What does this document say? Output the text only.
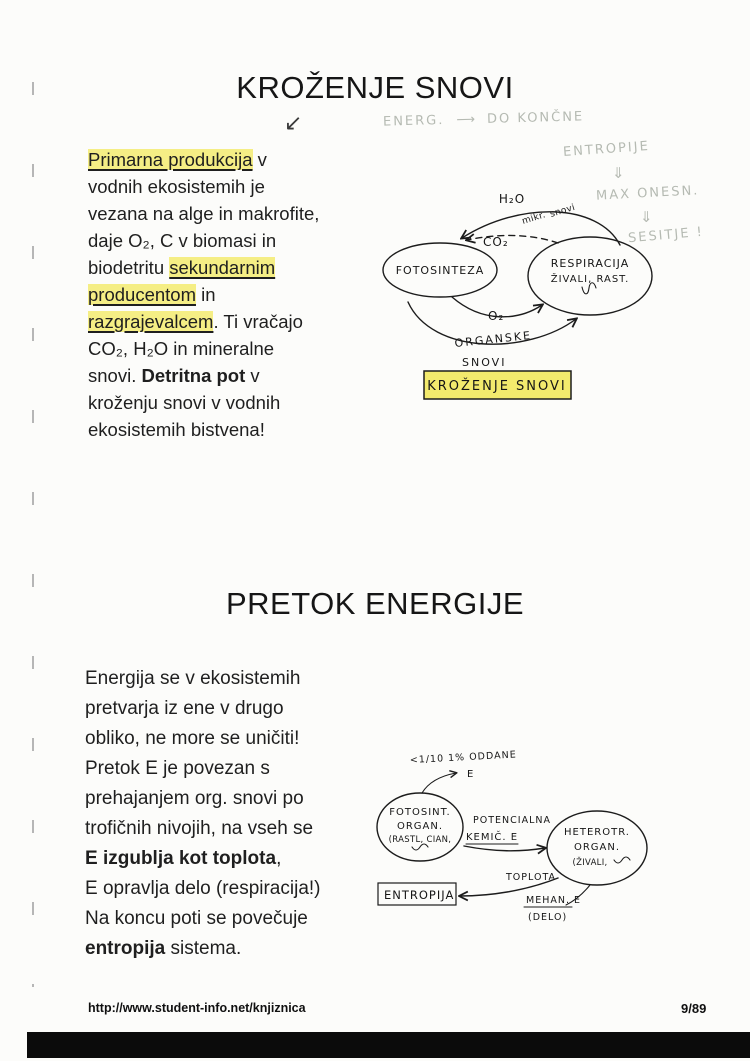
KROŽENJE SNOVI
↙
Primarna produkcija v
vodnih ekosistemih je
vezana na alge in makrofite,
daje O₂, C v biomasi in
biodetritu sekundarnim
producentom in
razgrajevalcem. Ti vračajo
CO₂, H₂O in mineralne
snovi. Detritna pot v
kroženju snovi v vodnih
ekosistemih bistvena!
ENERG. ⟶ DO KONČNE
ENTROPIJE
⇓
MAX ONESN.
⇓
SESITJE !
FOTOSINTEZA
RESPIRACIJA
ŽIVALI, RAST.
H₂O
CO₂
mikr. snovi
O₂
ORGANSKE
SNOVI
KROŽENJE SNOVI
PRETOK ENERGIJE
Energija se v ekosistemih
pretvarja iz ene v drugo
obliko, ne more se uničiti!
Pretok E je povezan s
prehajanjem org. snovi po
trofičnih nivojih, na vseh se
E izgublja kot toplota,
E opravlja delo (respiracija!)
Na koncu poti se povečuje
entropija sistema.
<1/10 1% ODDANE
E
FOTOSINT.
ORGAN.
(RASTL, CIAN,
POTENCIALNA
KEMIČ. E	HETEROTR.
ORGAN.
(ŽIVALI,
TOPLOTA
ENTROPIJA	MEHAN. E
(DELO)
http://www.student-info.net/knjiznica	9/89
